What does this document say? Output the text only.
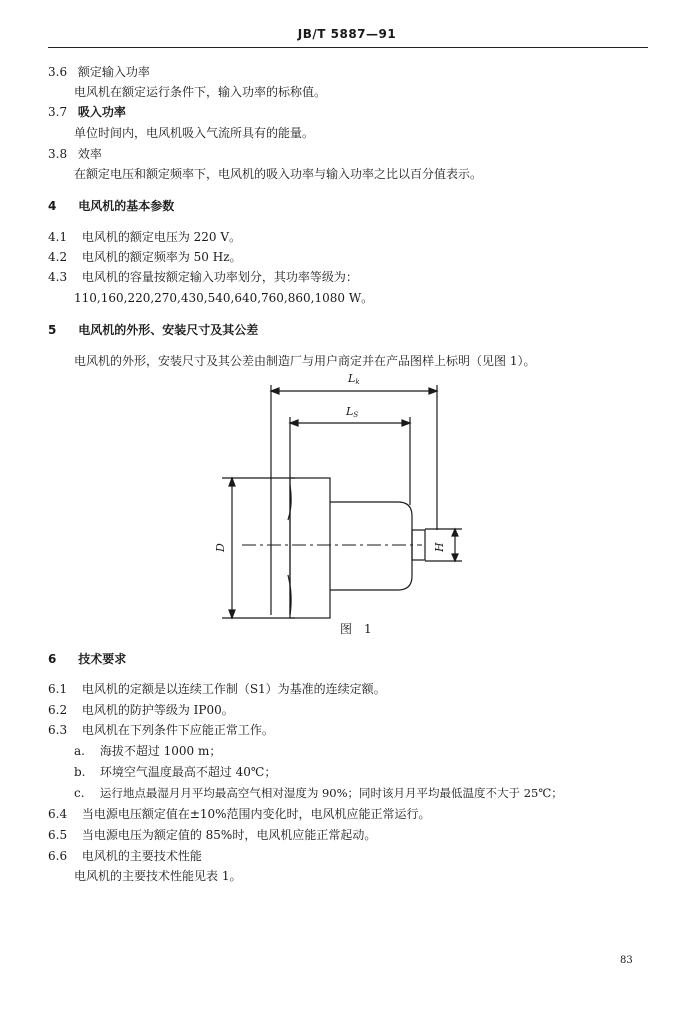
JB/T 5887—91
3.6 额定输入功率
电风机在额定运行条件下，输入功率的标称值。
3.7 吸入功率
单位时间内，电风机吸入气流所具有的能量。
3.8 效率
在额定电压和额定频率下，电风机的吸入功率与输入功率之比以百分值表示。
4 电风机的基本参数
4.1 电风机的额定电压为 220 V。
4.2 电风机的额定频率为 50 Hz。
4.3 电风机的容量按额定输入功率划分，其功率等级为：
110,160,220,270,430,540,640,760,860,1080 W。
5 电风机的外形、安装尺寸及其公差
电风机的外形，安装尺寸及其公差由制造厂与用户商定并在产品图样上标明（见图 1）。
Lk
LS
D	H
图　1
6 技术要求
6.1 电风机的定额是以连续工作制（S1）为基准的连续定额。
6.2 电风机的防护等级为 IP00。
6.3 电风机在下列条件下应能正常工作。
a. 海拔不超过 1000 m；
b. 环境空气温度最高不超过 40℃；
c. 运行地点最湿月月平均最高空气相对湿度为 90%；同时该月月平均最低温度不大于 25℃；
6.4 当电源电压额定值在±10%范围内变化时，电风机应能正常运行。
6.5 当电源电压为额定值的 85%时，电风机应能正常起动。
6.6 电风机的主要技术性能
电风机的主要技术性能见表 1。
83
